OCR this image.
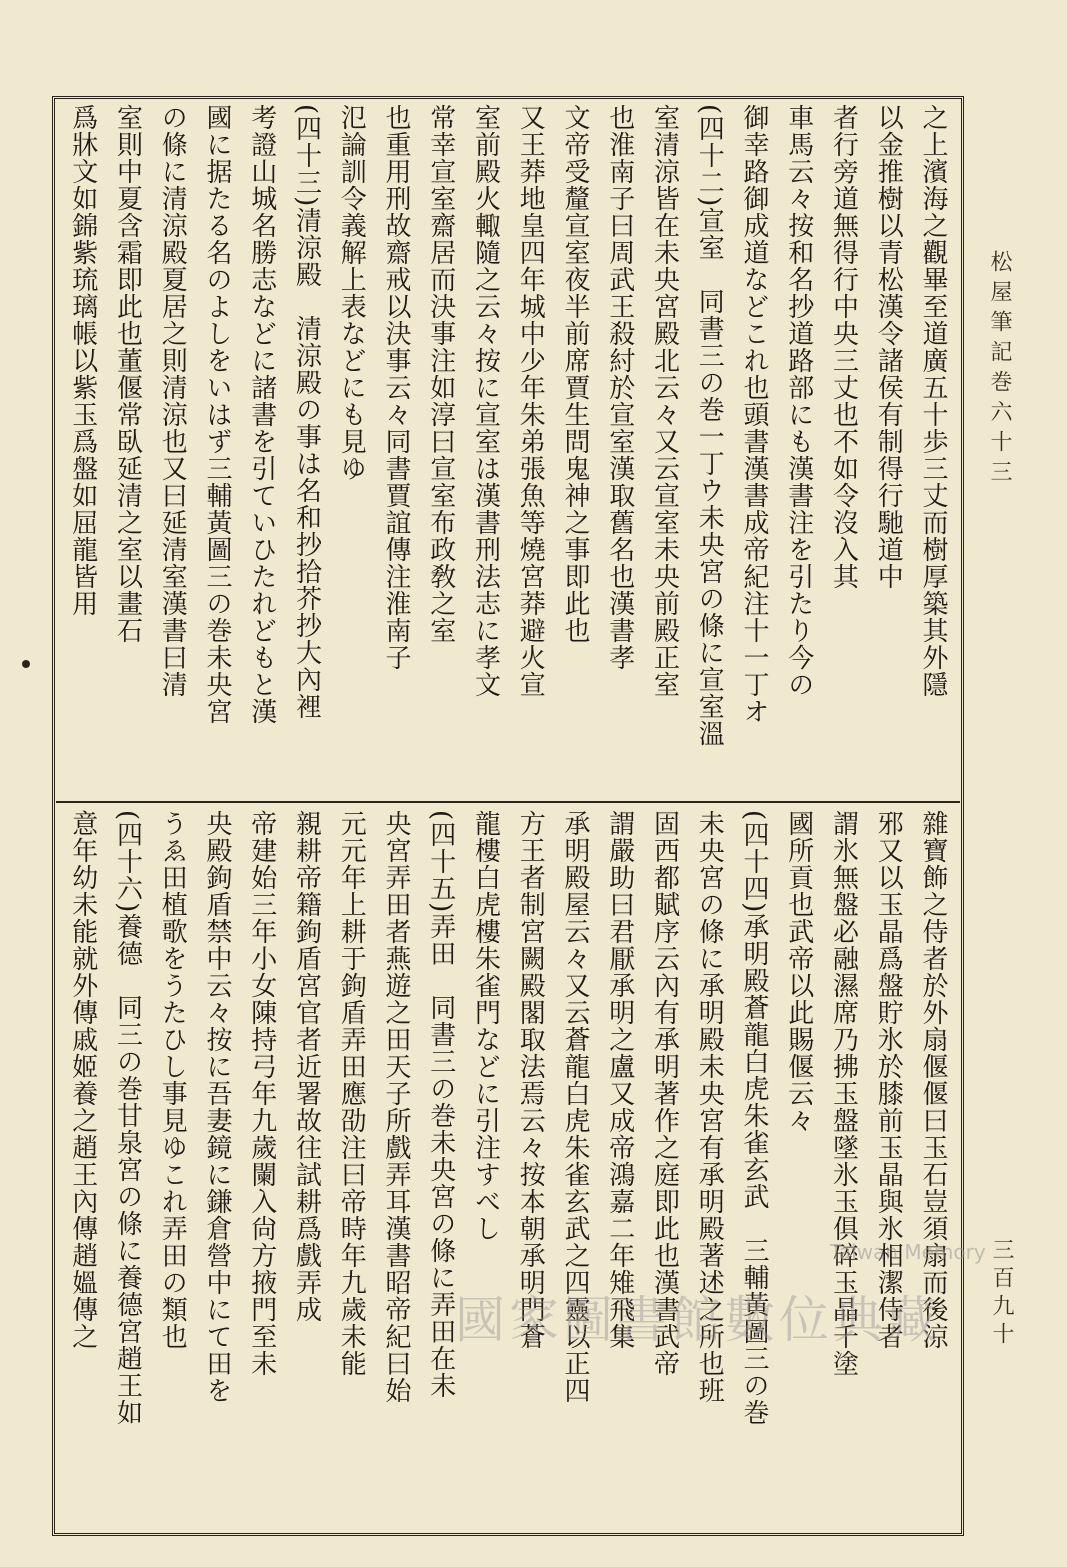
松屋筆記巻六十三
三百九十
之上濱海之觀畢至道廣五十歩三丈而樹厚築其外隱
以金推樹以青松漢令諸侯有制得行馳道中
者行旁道無得行中央三丈也不如令沒入其
車馬云々按和名抄道路部にも漢書注を引たり今の
御幸路御成道などこれ也頭書漢書成帝紀注十一丁オ
(四十二)宣室　同書三の巻一丁ウ未央宮の條に宣室溫
室清涼皆在未央宮殿北云々又云宣室未央前殿正室
也淮南子曰周武王殺紂於宣室漢取舊名也漢書孝
文帝受釐宣室夜半前席賈生問鬼神之事即此也
又王莽地皇四年城中少年朱弟張魚等燒宮莽避火宣
室前殿火輙隨之云々按に宣室は漢書刑法志に孝文
常幸宣室齋居而決事注如淳曰宣室布政敎之室
也重用刑故齋戒以決事云々同書賈誼傳注淮南子
氾論訓令義解上表などにも見ゆ
(四十三)清涼殿　清涼殿の事は名和抄拾芥抄大內裡
考證山城名勝志などに諸書を引ていひたれどもと漢
國に据たる名のよしをいはず三輔黃圖三の巻未央宮
の條に清涼殿夏居之則清涼也又曰延清室漢書曰清
室則中夏含霜即此也董偃常臥延清之室以畫石
爲牀文如錦紫琉璃帳以紫玉爲盤如屈龍皆用
雜寶飾之侍者於外扇偃偃曰玉石豈須扇而後涼
邪又以玉晶爲盤貯氷於膝前玉晶與氷相潔侍者
謂氷無盤必融濕席乃拂玉盤墜氷玉俱碎玉晶千塗
國所貢也武帝以此賜偃云々
(四十四)承明殿蒼龍白虎朱雀玄武　三輔黃圖三の巻
未央宮の條に承明殿未央宮有承明殿著述之所也班
固西都賦序云內有承明著作之庭即此也漢書武帝
謂嚴助曰君厭承明之盧又成帝鴻嘉二年雉飛集
承明殿屋云々又云蒼龍白虎朱雀玄武之四靈以正四
方王者制宮闕殿閣取法焉云々按本朝承明門蒼
龍樓白虎樓朱雀門などに引注すべし
(四十五)弄田　同書三の巻未央宮の條に弄田在未
央宮弄田者燕遊之田天子所戲弄耳漢書昭帝紀曰始
元元年上耕于鉤盾弄田應劭注曰帝時年九歲未能
親耕帝籍鉤盾宮官者近署故往試耕爲戲弄成
帝建始三年小女陳持弓年九歲闌入尙方掖門至未
央殿鉤盾禁中云々按に吾妻鏡に鎌倉營中にて田を
うゑ田植歌をうたひし事見ゆこれ弄田の類也
(四十六)養德　同三の巻甘泉宮の條に養德宮趙王如
意年幼未能就外傳戚姬養之趙王內傳趙媼傳之	Taiwan Memory
國家圖書館數位典藏
